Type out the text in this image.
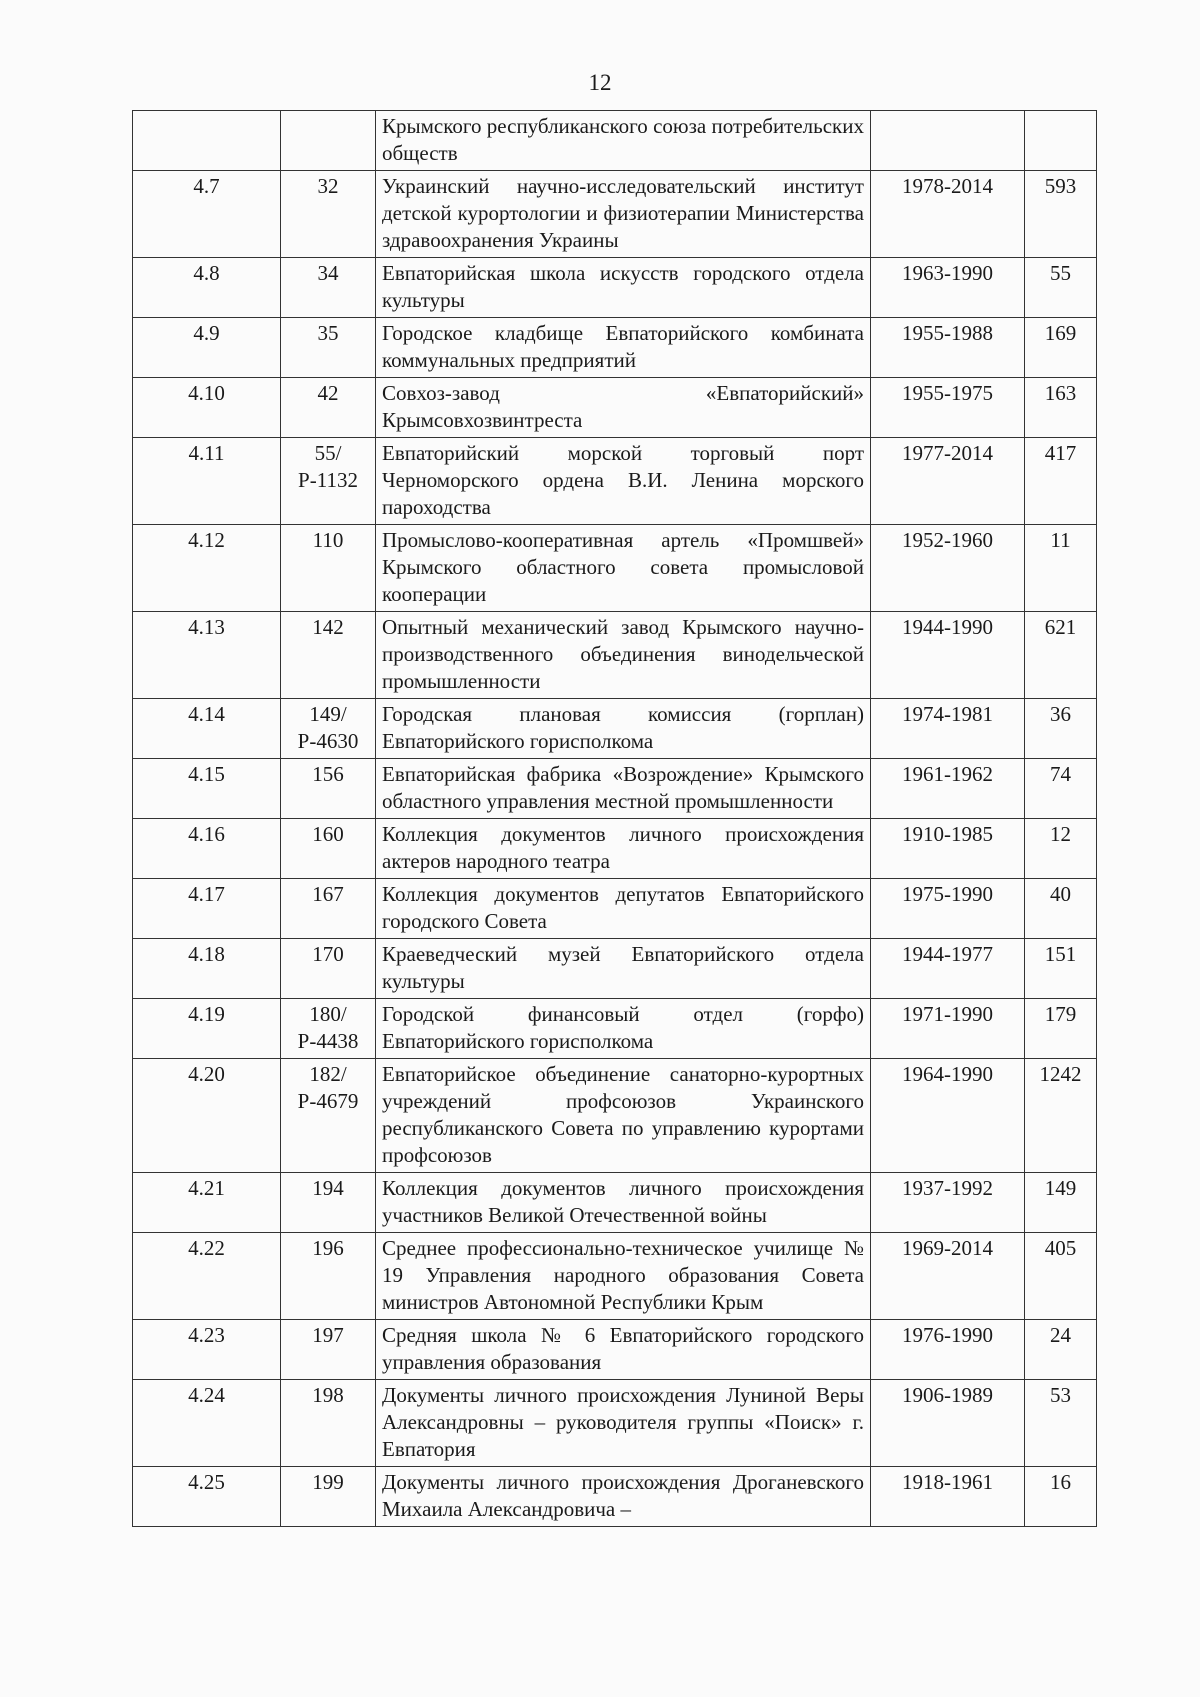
12
		Крымского республиканского союза потребительских обществ		
4.7	32	Украинский научно-исследовательский институт детской курортологии и физиотерапии Министерства здравоохранения Украины	1978-2014	593
4.8	34	Евпаторийская школа искусств городского отдела культуры	1963-1990	55
4.9	35	Городское кладбище Евпаторийского комбината коммунальных предприятий	1955-1988	169
4.10	42	Совхоз-завод «Евпаторийский» Крымсовхозвинтреста	1955-1975	163
4.11	55/Р-1132	Евпаторийский морской торговый порт Черноморского ордена В.И. Ленина морского пароходства	1977-2014	417
4.12	110	Промыслово-кооперативная артель «Промшвей» Крымского областного совета промысловой кооперации	1952-1960	11
4.13	142	Опытный механический завод Крымского научно-производственного объединения винодельческой промышленности	1944-1990	621
4.14	149/Р-4630	Городская плановая комиссия (горплан) Евпаторийского горисполкома	1974-1981	36
4.15	156	Евпаторийская фабрика «Возрождение» Крымского областного управления местной промышленности	1961-1962	74
4.16	160	Коллекция документов личного происхождения актеров народного театра	1910-1985	12
4.17	167	Коллекция документов депутатов Евпаторийского городского Совета	1975-1990	40
4.18	170	Краеведческий музей Евпаторийского отдела культуры	1944-1977	151
4.19	180/Р-4438	Городской финансовый отдел (горфо) Евпаторийского горисполкома	1971-1990	179
4.20	182/Р-4679	Евпаторийское объединение санаторно-курортных учреждений профсоюзов Украинского республиканского Совета по управлению курортами профсоюзов	1964-1990	1242
4.21	194	Коллекция документов личного происхождения участников Великой Отечественной войны	1937-1992	149
4.22	196	Среднее профессионально-техническое училище № 19 Управления народного образования Совета министров Автономной Республики Крым	1969-2014	405
4.23	197	Средняя школа № 6 Евпаторийского городского управления образования	1976-1990	24
4.24	198	Документы личного происхождения Луниной Веры Александровны – руководителя группы «Поиск» г. Евпатория	1906-1989	53
4.25	199	Документы личного происхождения Дроганевского Михаила Александровича –	1918-1961	16
